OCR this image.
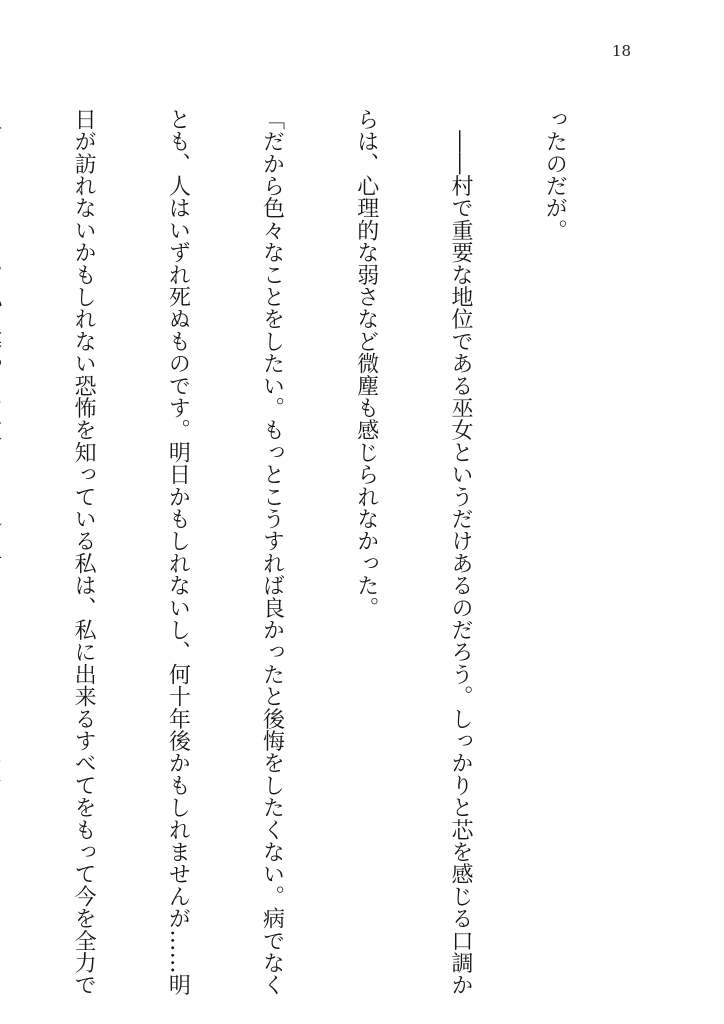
18

ったのだが。

　――村で重要な地位である巫女というだけあるのだろう。しっかりと芯を感じる口調か

らは、心理的な弱さなど微塵も感じられなかった。

「だから色々なことをしたい。もっとこうすれば良かったと後悔をしたくない。病でなく

とも、人はいずれ死ぬものです。明日かもしれないし、何十年後かもしれませんが……明

日が訪れないかもしれない恐怖を知っている私は、私に出来るすべてをもって今を全力で
